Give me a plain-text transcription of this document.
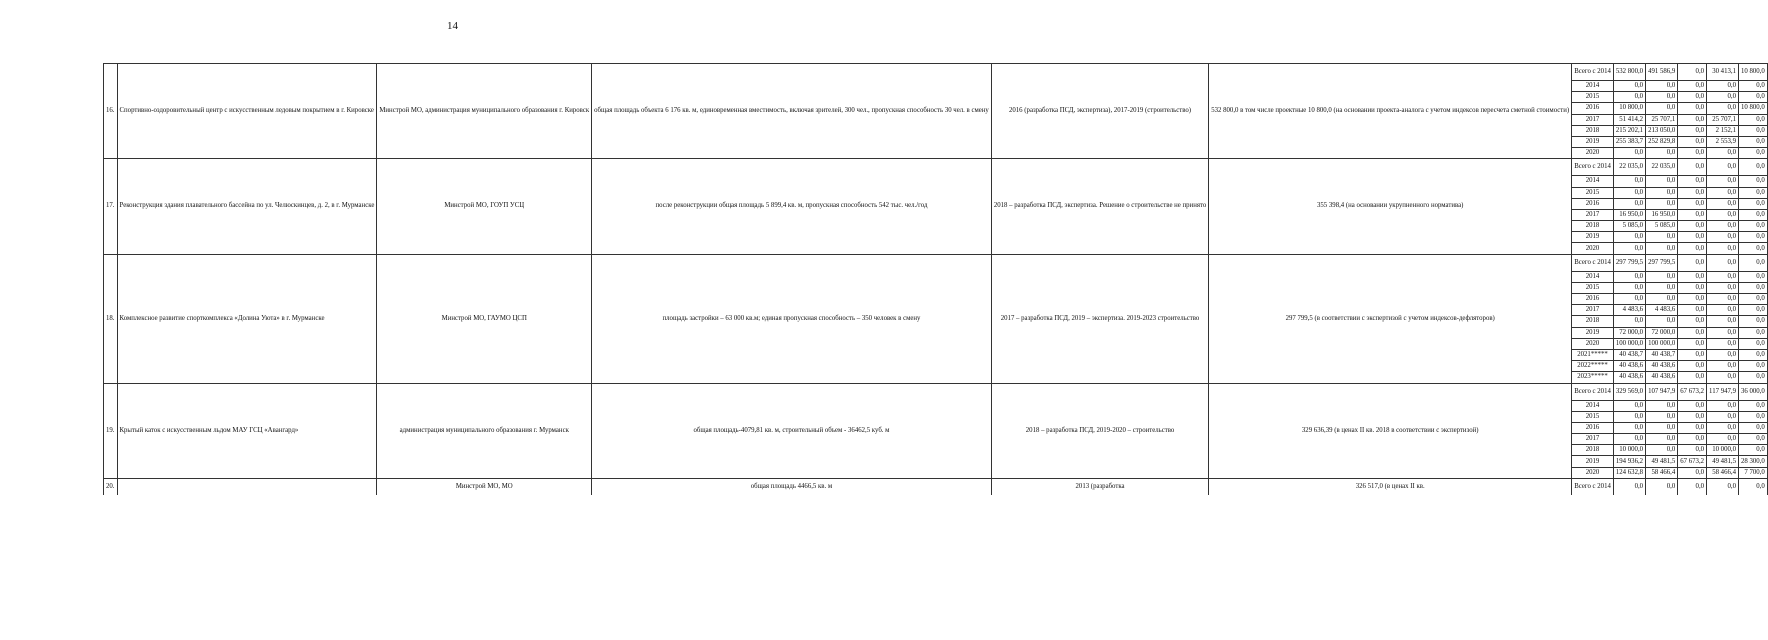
14
16.	Спортивно-оздоровительный центр с искусственным ледовым покрытием в г. Кировске	Минстрой МО, администрация муниципального образования г. Кировск	общая площадь объекта 6 176 кв. м, единовременная вместимость, включая зрителей, 300 чел., пропускная способность 30 чел. в смену	2016 (разработка ПСД, экспертиза), 2017-2019 (строительство)	532 800,0 в том числе проектные 10 800,0 (на основании проекта-аналога с учетом индексов пересчета сметной стоимости)	Всего с 2014	532 800,0	491 586,9	0,0	30 413,1	10 800,0
						2014	0,0	0,0	0,0	0,0	0,0
						2015	0,0	0,0	0,0	0,0	0,0
						2016	10 800,0	0,0	0,0	0,0	10 800,0
						2017	51 414,2	25 707,1	0,0	25 707,1	0,0
						2018	215 202,1	213 050,0	0,0	2 152,1	0,0
						2019	255 383,7	252 829,8	0,0	2 553,9	0,0
						2020	0,0	0,0	0,0	0,0	0,0
17.	Реконструкция здания плавательного бассейна по ул. Челюскинцев, д. 2, в г. Мурманске	Минстрой МО, ГОУП УСЦ	после реконструкции общая площадь 5 899,4 кв. м, пропускная способность 542 тыс. чел./год	2018 – разработка ПСД, экспертиза. Решение о строительстве не принято	355 398,4 (на основании укрупненного норматива)	Всего с 2014	22 035,0	22 035,0	0,0	0,0	0,0
						2014	0,0	0,0	0,0	0,0	0,0
						2015	0,0	0,0	0,0	0,0	0,0
						2016	0,0	0,0	0,0	0,0	0,0
						2017	16 950,0	16 950,0	0,0	0,0	0,0
						2018	5 085,0	5 085,0	0,0	0,0	0,0
						2019	0,0	0,0	0,0	0,0	0,0
						2020	0,0	0,0	0,0	0,0	0,0
18.	Комплексное развитие спорткомплекса «Долина Уюта» в г. Мурманске	Минстрой МО, ГАУМО ЦСП	площадь застройки – 63 000 кв.м; единая пропускная способность – 350 человек в смену	2017 – разработка ПСД, 2019 – экспертиза. 2019-2023 строительство	297 799,5 (в соответствии с экспертизой с учетом индексов-дефляторов)	Всего с 2014	297 799,5	297 799,5	0,0	0,0	0,0
						2014	0,0	0,0	0,0	0,0	0,0
						2015	0,0	0,0	0,0	0,0	0,0
						2016	0,0	0,0	0,0	0,0	0,0
						2017	4 483,6	4 483,6	0,0	0,0	0,0
						2018	0,0	0,0	0,0	0,0	0,0
						2019	72 000,0	72 000,0	0,0	0,0	0,0
						2020	100 000,0	100 000,0	0,0	0,0	0,0
						2021*****	40 438,7	40 438,7	0,0	0,0	0,0
						2022*****	40 438,6	40 438,6	0,0	0,0	0,0
						2023*****	40 438,6	40 438,6	0,0	0,0	0,0
19.	Крытый каток с искусственным льдом МАУ ГСЦ «Авангард»	администрация муниципального образования г. Мурманск	общая площадь-4079,81 кв. м, строительный объем - 36462,5 куб. м	2018 – разработка ПСД, 2019-2020 – строительство	329 636,39 (в ценах II кв. 2018 в соответствии с экспертизой)	Всего с 2014	329 569,0	107 947,9	67 673,2	117 947,9	36 000,0
						2014	0,0	0,0	0,0	0,0	0,0
						2015	0,0	0,0	0,0	0,0	0,0
						2016	0,0	0,0	0,0	0,0	0,0
						2017	0,0	0,0	0,0	0,0	0,0
						2018	10 000,0	0,0	0,0	10 000,0	0,0
						2019	194 936,2	49 481,5	67 673,2	49 481,5	28 300,0
						2020	124 632,8	58 466,4	0,0	58 466,4	7 700,0
20.		Минстрой МО, МО	общая площадь 4466,5 кв. м	2013 (разработка	326 517,0 (в ценах II кв.	Всего с 2014	0,0	0,0	0,0	0,0	0,0
